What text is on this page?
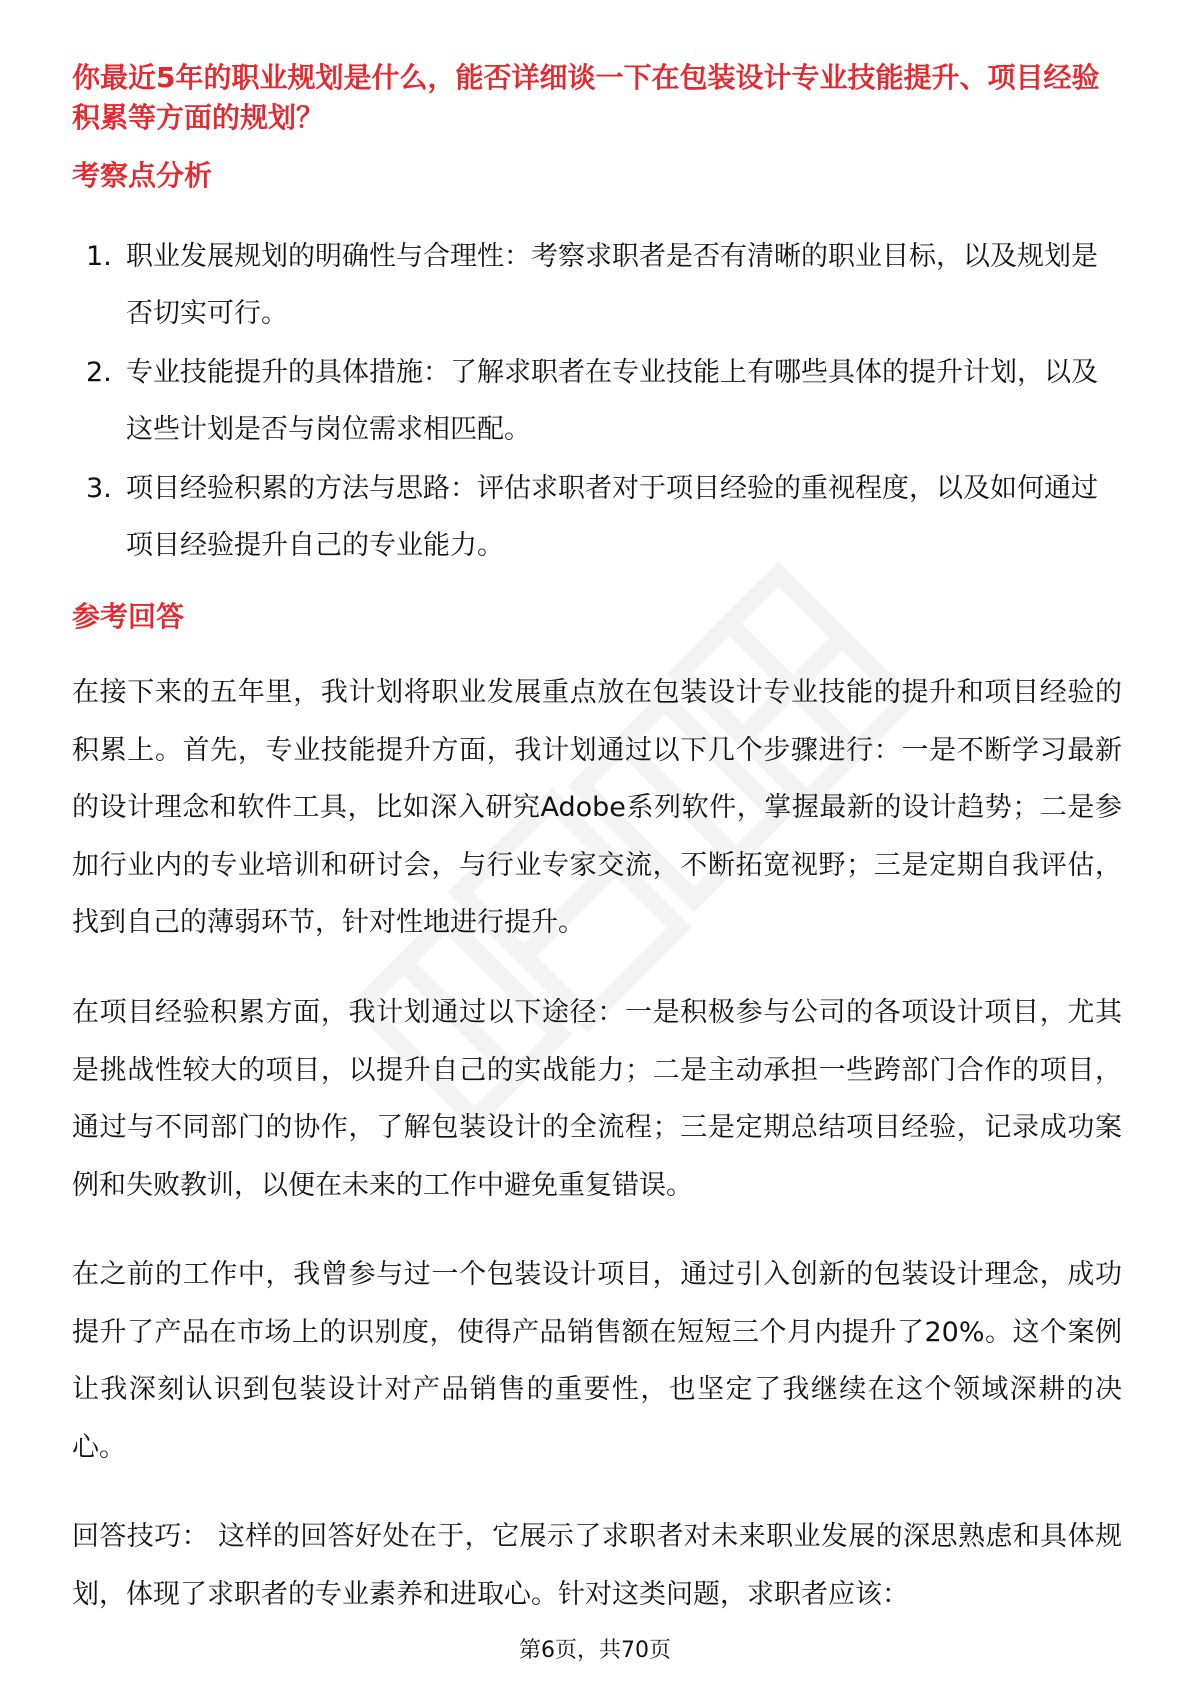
你最近5年的职业规划是什么，能否详细谈一下在包装设计专业技能提升、项目经验积累等方面的规划？
考察点分析
1. 职业发展规划的明确性与合理性：考察求职者是否有清晰的职业目标，以及规划是否切实可行。
2. 专业技能提升的具体措施：了解求职者在专业技能上有哪些具体的提升计划，以及这些计划是否与岗位需求相匹配。
3. 项目经验积累的方法与思路：评估求职者对于项目经验的重视程度，以及如何通过项目经验提升自己的专业能力。
参考回答

在接下来的五年里，我计划将职业发展重点放在包装设计专业技能的提升和项目经验的积累上。首先，专业技能提升方面，我计划通过以下几个步骤进行：一是不断学习最新的设计理念和软件工具，比如深入研究Adobe系列软件，掌握最新的设计趋势；二是参加行业内的专业培训和研讨会，与行业专家交流，不断拓宽视野；三是定期自我评估，找到自己的薄弱环节，针对性地进行提升。

在项目经验积累方面，我计划通过以下途径：一是积极参与公司的各项设计项目，尤其是挑战性较大的项目，以提升自己的实战能力；二是主动承担一些跨部门合作的项目，通过与不同部门的协作，了解包装设计的全流程；三是定期总结项目经验，记录成功案例和失败教训，以便在未来的工作中避免重复错误。

在之前的工作中，我曾参与过一个包装设计项目，通过引入创新的包装设计理念，成功提升了产品在市场上的识别度，使得产品销售额在短短三个月内提升了20%。这个案例让我深刻认识到包装设计对产品销售的重要性，也坚定了我继续在这个领域深耕的决心。

回答技巧： 这样的回答好处在于，它展示了求职者对未来职业发展的深思熟虑和具体规划，体现了求职者的专业素养和进取心。针对这类问题，求职者应该：

第6页，共70页
